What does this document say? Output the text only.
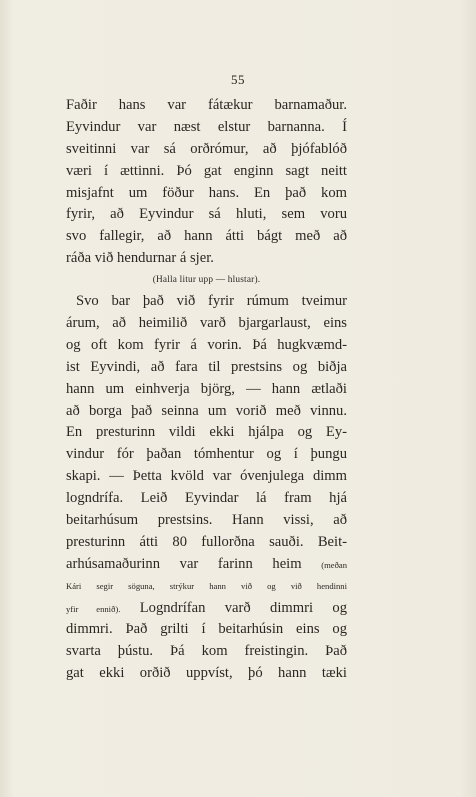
55
Faðir hans var fátækur barnamaður.
Eyvindur var næst elstur barnanna. Í
sveitinni var sá orðrómur, að þjófablóð
væri í ættinni. Þó gat enginn sagt neitt
misjafnt um föður hans. En það kom
fyrir, að Eyvindur sá hluti, sem voru
svo fallegir, að hann átti bágt með að
ráða við hendurnar á sjer.
(Halla litur upp — hlustar).
Svo bar það við fyrir rúmum tveimur
árum, að heimilið varð bjargarlaust, eins
og oft kom fyrir á vorin. Þá hugkvæmd-
ist Eyvindi, að fara til prestsins og biðja
hann um einhverja björg, — hann ætlaði
að borga það seinna um vorið með vinnu.
En presturinn vildi ekki hjálpa og Ey-
vindur fór þaðan tómhentur og í þungu
skapi. — Þetta kvöld var óvenjulega dimm
logndrífa. Leið Eyvindar lá fram hjá
beitarhúsum prestsins. Hann vissi, að
presturinn átti 80 fullorðna sauði. Beit-
arhúsamaðurinn var farinn heim (meðan
Kári segir söguna, strýkur hann við og við hendinni
yfir ennið). Logndrífan varð dimmri og
dimmri. Það grilti í beitarhúsin eins og
svarta þústu. Þá kom freistingin. Það
gat ekki orðið uppvíst, þó hann tæki
